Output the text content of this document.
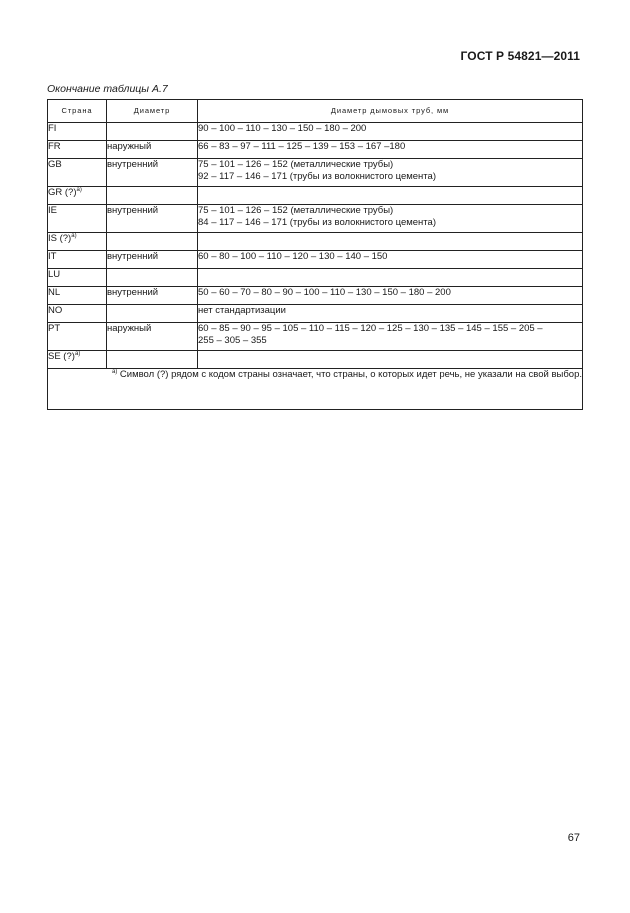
ГОСТ Р 54821—2011
Окончание таблицы А.7
Страна	Диаметр	Диаметр дымовых труб, мм
FI		90 – 100 – 110 – 130 – 150 – 180 – 200

FR	наружный	66 – 83 – 97 – 111 – 125 – 139 – 153 – 167 –180

GB	внутренний	75 – 101 – 126 – 152 (металлические трубы)
92 – 117 – 146 – 171 (трубы из волокнистого цемента)

GR (?)$^{а)}$		

IE	внутренний	75 – 101 – 126 – 152 (металлические трубы)
84 – 117 – 146 – 171 (трубы из волокнистого цемента)

IS (?)$^{а)}$		

IT	внутренний	60 – 80 – 100 – 110 – 120 – 130 – 140 – 150

LU		

NL	внутренний	50 – 60 – 70 – 80 – 90 – 100 – 110 – 130 – 150 – 180 – 200

NO		нет стандартизации

PT	наружный	60 – 85 – 90 – 95 – 105 – 110 – 115 – 120 – 125 – 130 – 135 – 145 – 155 – 205 –
255 – 305 – 355

SE (?)$^{а)}$		

$^{а)}$ Символ (?) рядом с кодом страны означает, что страны, о которых идет речь, не указали на свой выбор.		
67
